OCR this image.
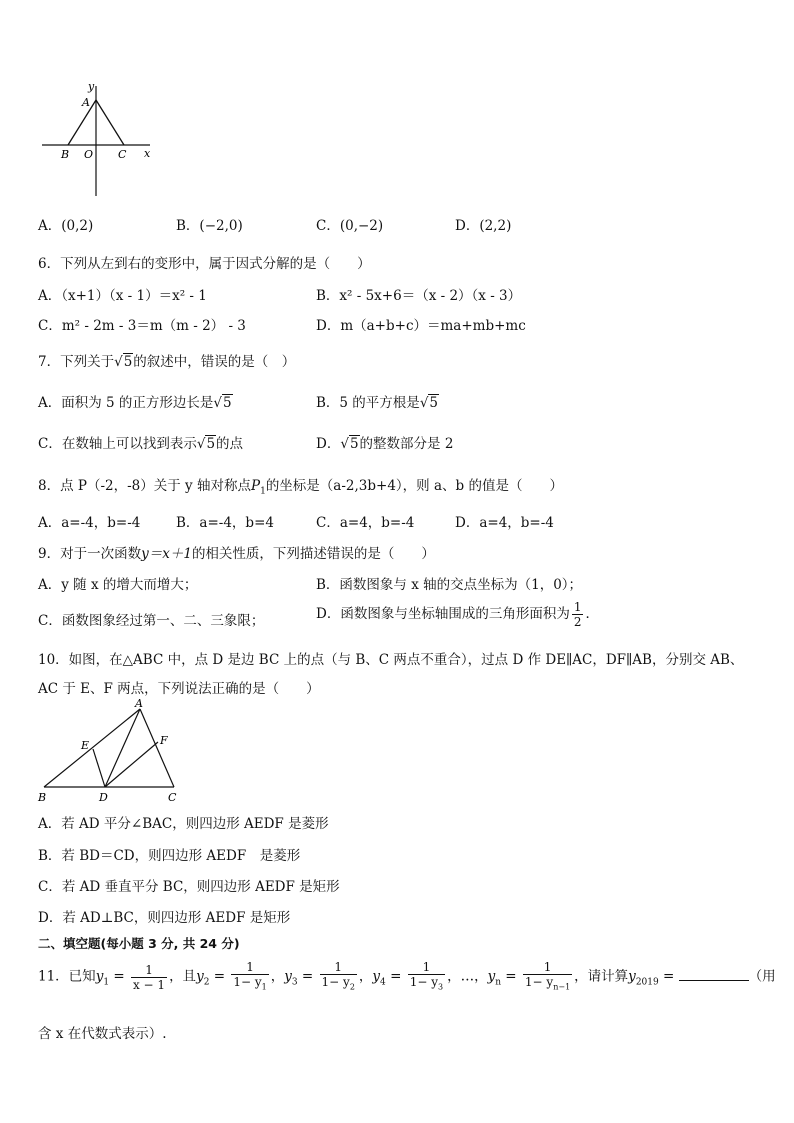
y
A
B O C x
A．(0,2)	B．(−2,0)	C．(0,−2)	D．(2,2)
6．下列从左到右的变形中，属于因式分解的是（　　）
A．（x+1）（x - 1）＝x² - 1	B．x² - 5x+6＝（x - 2）（x - 3）
C．m² - 2m - 3＝m（m - 2） - 3	D．m（a+b+c）＝ma+mb+mc
7．下列关于√5的叙述中，错误的是（　）
A．面积为 5 的正方形边长是√5	B．5 的平方根是√5
C．在数轴上可以找到表示√5的点	D．√5的整数部分是 2
8．点 P（-2，-8）关于 y 轴对称点$P_1$的坐标是（a-2,3b+4），则 a、b 的值是（　　）
A．a=-4，b=-4	B．a=-4，b=4	C．a=4，b=-4	D．a=4，b=-4
9．对于一次函数y＝x＋1的相关性质，下列描述错误的是（　　）
A．y 随 x 的增大而增大；	B．函数图象与 x 轴的交点坐标为（1，0）；
C．函数图象经过第一、二、三象限；	D．函数图象与坐标轴围成的三角形面积为 $\frac{1}{2}$ ．
10．如图，在△ABC 中，点 D 是边 BC 上的点（与 B、C 两点不重合），过点 D 作 DE∥AC，DF∥AB，分别交 AB、
AC 于 E、F 两点，下列说法正确的是（　　）
A
E	F
B	D	C
A．若 AD 平分∠BAC，则四边形 AEDF 是菱形
B．若 BD＝CD，则四边形 AEDF　是菱形
C．若 AD 垂直平分 BC，则四边形 AEDF 是矩形
D．若 AD⊥BC，则四边形 AEDF 是矩形
二、填空题(每小题 3 分, 共 24 分)
11．已知$y_1 = \frac{1}{x - 1}$ ，且$y_2 = \frac{1}{1- y_1}$ ，$y_3 = \frac{1}{1- y_2}$ ，$y_4 = \frac{1}{1- y_3}$ ，…，$y_n = \frac{1}{1- y_{n-1}}$ ，请计算$y_{2019}$ =	（用
含 x 在代数式表示）.
